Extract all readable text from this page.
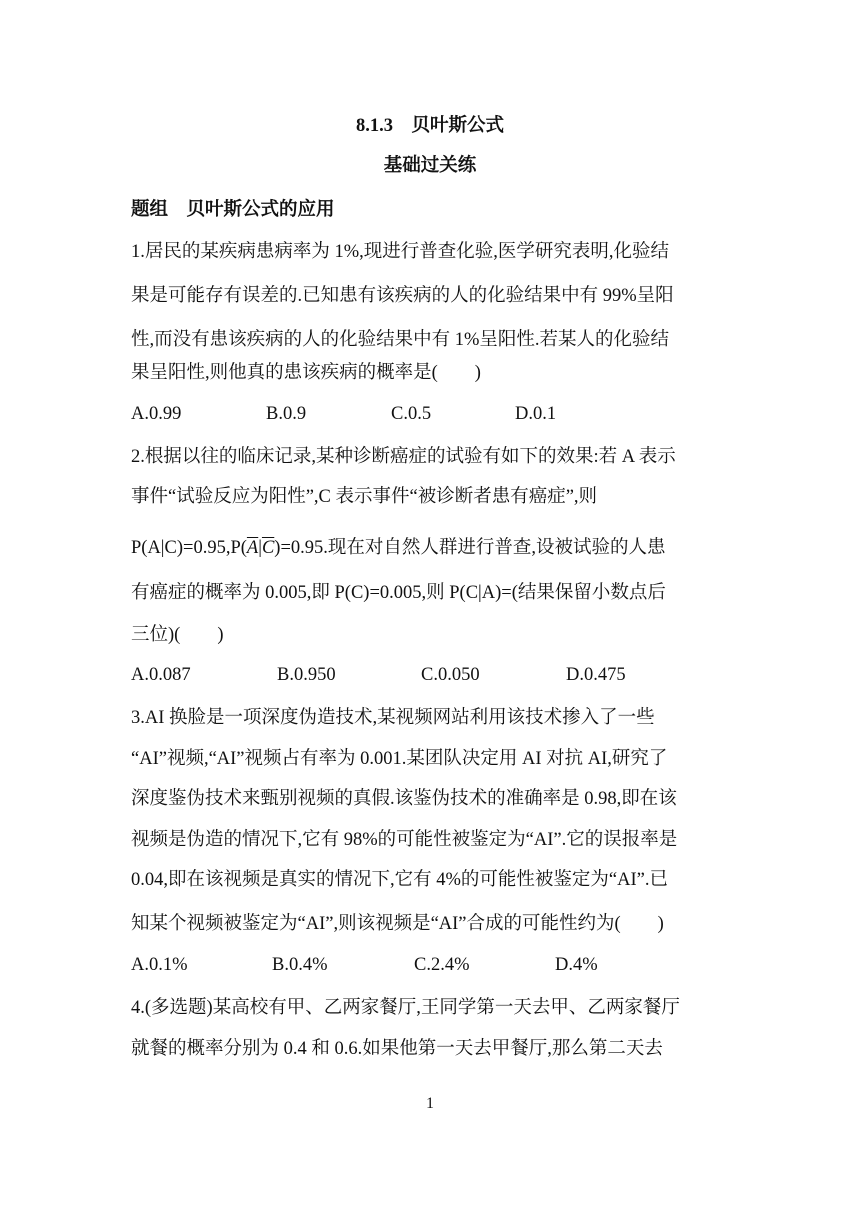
8.1.3　贝叶斯公式
基础过关练
题组　贝叶斯公式的应用
1.居民的某疾病患病率为 1%,现进行普查化验,医学研究表明,化验结
果是可能存有误差的.已知患有该疾病的人的化验结果中有 99%呈阳
性,而没有患该疾病的人的化验结果中有 1%呈阳性.若某人的化验结
果呈阳性,则他真的患该疾病的概率是(　　)
A.0.99	B.0.9	C.0.5	D.0.1
2.根据以往的临床记录,某种诊断癌症的试验有如下的效果:若 A 表示
事件“试验反应为阳性”,C 表示事件“被诊断者患有癌症”,则
$P(A|C)=0.95,P(\overline{A}|\overline{C})=0.95$.现在对自然人群进行普查,设被试验的人患
有癌症的概率为 0.005,即 P(C)=0.005,则 P(C|A)=(结果保留小数点后
三位)(　　)
A.0.087	B.0.950	C.0.050	D.0.475
3.AI 换脸是一项深度伪造技术,某视频网站利用该技术掺入了一些
“AI”视频,“AI”视频占有率为 0.001.某团队决定用 AI 对抗 AI,研究了
深度鉴伪技术来甄别视频的真假.该鉴伪技术的准确率是 0.98,即在该
视频是伪造的情况下,它有 98%的可能性被鉴定为“AI”.它的误报率是
0.04,即在该视频是真实的情况下,它有 4%的可能性被鉴定为“AI”.已
知某个视频被鉴定为“AI”,则该视频是“AI”合成的可能性约为(　　)
A.0.1%	B.0.4%	C.2.4%	D.4%
4.(多选题)某高校有甲、乙两家餐厅,王同学第一天去甲、乙两家餐厅
就餐的概率分别为 0.4 和 0.6.如果他第一天去甲餐厅,那么第二天去
1
